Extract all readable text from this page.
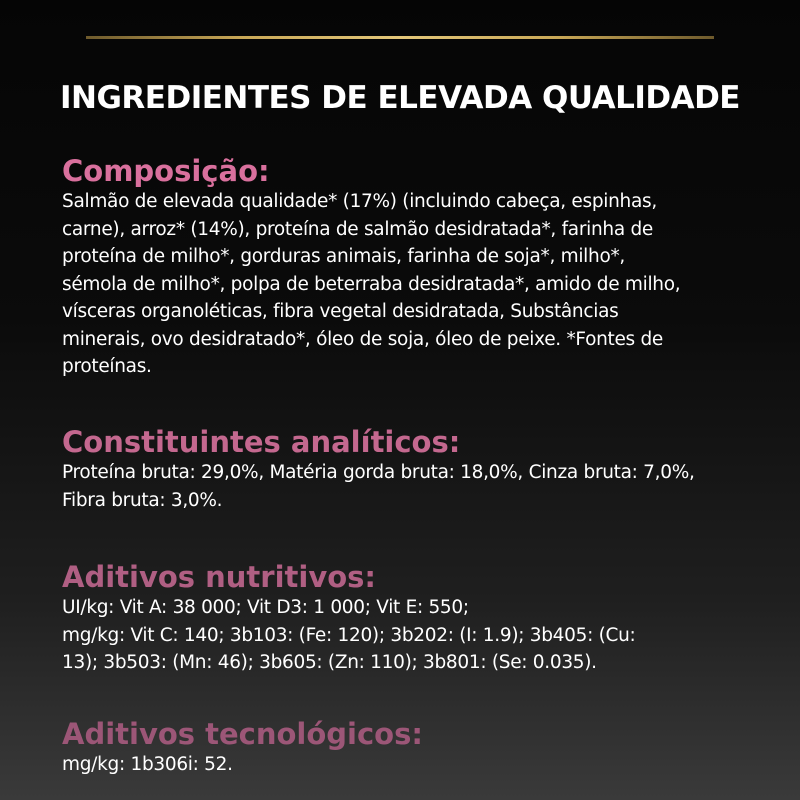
INGREDIENTES DE ELEVADA QUALIDADE
Composição:

Salmão de elevada qualidade* (17%) (incluindo cabeça, espinhas,
carne), arroz* (14%), proteína de salmão desidratada*, farinha de
proteína de milho*, gorduras animais, farinha de soja*, milho*,
sémola de milho*, polpa de beterraba desidratada*, amido de milho,
vísceras organoléticas, fibra vegetal desidratada, Substâncias
minerais, ovo desidratado*, óleo de soja, óleo de peixe. *Fontes de
proteínas.

Constituintes analíticos:

Proteína bruta: 29,0%, Matéria gorda bruta: 18,0%, Cinza bruta: 7,0%,
Fibra bruta: 3,0%.

Aditivos nutritivos:

UI/kg: Vit A: 38 000; Vit D3: 1 000; Vit E: 550;
mg/kg: Vit C: 140; 3b103: (Fe: 120); 3b202: (I: 1.9); 3b405: (Cu:
13); 3b503: (Mn: 46); 3b605: (Zn: 110); 3b801: (Se: 0.035).

Aditivos tecnológicos:

mg/kg: 1b306i: 52.
